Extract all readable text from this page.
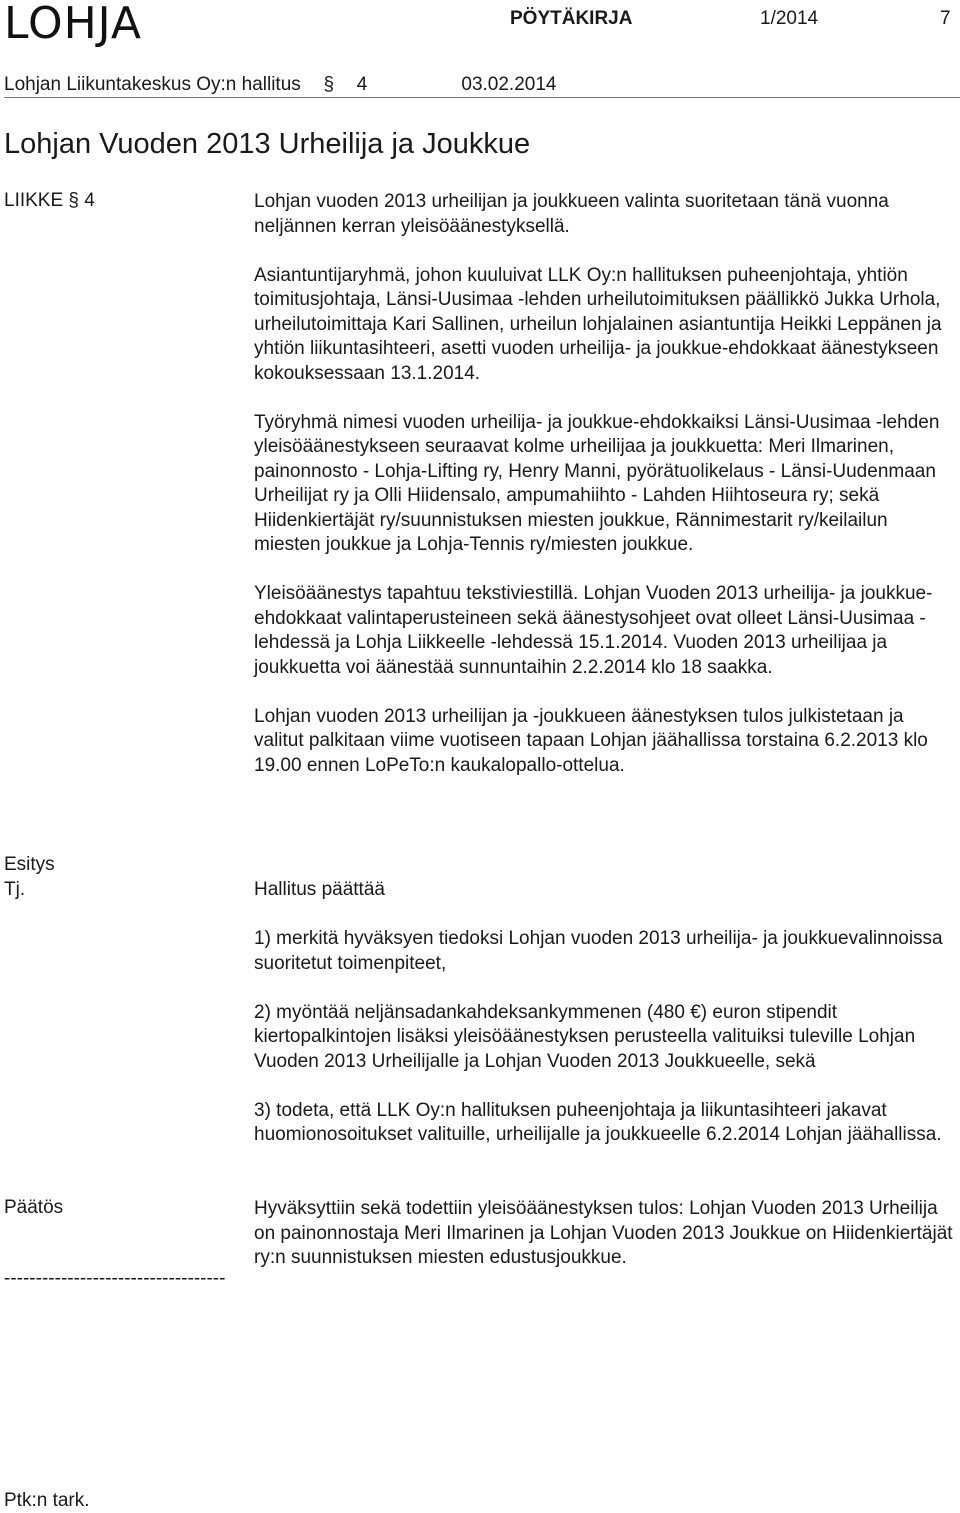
LOHJA	PÖYTÄKIRJA	1/2014	7
Lohjan Liikuntakeskus Oy:n hallitus § 4	03.02.2014
Lohjan Vuoden 2013 Urheilija ja Joukkue
LIIKKE § 4	Lohjan vuoden 2013 urheilijan ja joukkueen valinta suoritetaan tänä vuonna neljännen kerran yleisöäänestyksellä.

Asiantuntijaryhmä, johon kuuluivat LLK Oy:n hallituksen puheenjohtaja, yhtiön toimitusjohtaja, Länsi-Uusimaa -lehden urheilutoimituksen päällikkö Jukka Urhola, urheilutoimittaja Kari Sallinen, urheilun lohjalainen asiantuntija Heikki Leppänen ja yhtiön liikuntasihteeri, asetti vuoden urheilija- ja joukkue-ehdokkaat äänestykseen kokouksessaan 13.1.2014.

Työryhmä nimesi vuoden urheilija- ja joukkue-ehdokkaiksi Länsi-Uusimaa -lehden yleisöäänestykseen seuraavat kolme urheilijaa ja joukkuetta: Meri Ilmarinen, painonnosto - Lohja-Lifting ry, Henry Manni, pyörätuolikelaus - Länsi-Uudenmaan Urheilijat ry ja Olli Hiidensalo, ampumahiihto - Lahden Hiihtoseura ry; sekä Hiidenkiertäjät ry/suunnistuksen miesten joukkue, Rännimestarit ry/keilailun miesten joukkue ja Lohja-Tennis ry/miesten joukkue.

Yleisöäänestys tapahtuu tekstiviestillä. Lohjan Vuoden 2013 urheilija- ja joukkue-ehdokkaat valintaperusteineen sekä äänestysohjeet ovat olleet Länsi-Uusimaa -lehdessä ja Lohja Liikkeelle -lehdessä 15.1.2014. Vuoden 2013 urheilijaa ja joukkuetta voi äänestää sunnuntaihin 2.2.2014 klo 18 saakka.

Lohjan vuoden 2013 urheilijan ja -joukkueen äänestyksen tulos julkistetaan ja valitut palkitaan viime vuotiseen tapaan Lohjan jäähallissa torstaina 6.2.2013 klo 19.00 ennen LoPeTo:n kaukalopallo-ottelua.

Esitys
Tj.	Hallitus päättää

1) merkitä hyväksyen tiedoksi Lohjan vuoden 2013 urheilija- ja joukkuevalinnoissa suoritetut toimenpiteet,

2) myöntää neljänsadankahdeksankymmenen (480 €) euron stipendit kiertopalkintojen lisäksi yleisöäänestyksen perusteella valituiksi tuleville Lohjan Vuoden 2013 Urheilijalle ja Lohjan Vuoden 2013 Joukkueelle, sekä

3) todeta, että LLK Oy:n hallituksen puheenjohtaja ja liikuntasihteeri jakavat huomionosoitukset valituille, urheilijalle ja joukkueelle 6.2.2014 Lohjan jäähallissa.

Päätös	Hyväksyttiin sekä todettiin yleisöäänestyksen tulos: Lohjan Vuoden 2013 Urheilija on painonnostaja Meri Ilmarinen ja Lohjan Vuoden 2013 Joukkue on Hiidenkiertäjät ry:n suunnistuksen miesten edustusjoukkue.
-----------------------------------
Ptk:n tark.
